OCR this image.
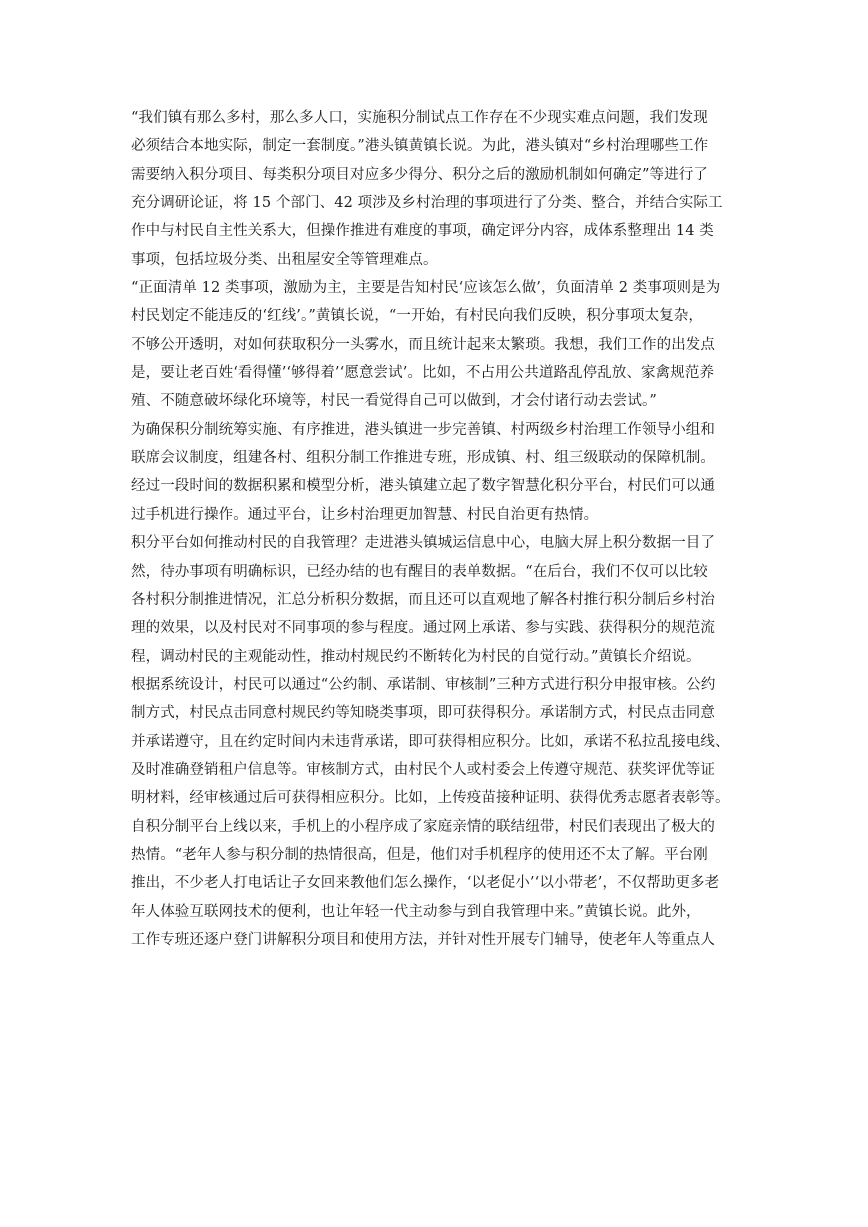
“我们镇有那么多村，那么多人口，实施积分制试点工作存在不少现实难点问题，我们发现
必须结合本地实际，制定一套制度。”港头镇黄镇长说。为此，港头镇对“乡村治理哪些工作
需要纳入积分项目、每类积分项目对应多少得分、积分之后的激励机制如何确定”等进行了
充分调研论证，将 15 个部门、42 项涉及乡村治理的事项进行了分类、整合，并结合实际工
作中与村民自主性关系大，但操作推进有难度的事项，确定评分内容，成体系整理出 14 类
事项，包括垃圾分类、出租屋安全等管理难点。
“正面清单 12 类事项，激励为主，主要是告知村民‘应该怎么做’，负面清单 2 类事项则是为
村民划定不能违反的‘红线’。”黄镇长说，“一开始，有村民向我们反映，积分事项太复杂，
不够公开透明，对如何获取积分一头雾水，而且统计起来太繁琐。我想，我们工作的出发点
是，要让老百姓‘看得懂’‘够得着’‘愿意尝试’。比如，不占用公共道路乱停乱放、家禽规范养
殖、不随意破坏绿化环境等，村民一看觉得自己可以做到，才会付诸行动去尝试。”
为确保积分制统筹实施、有序推进，港头镇进一步完善镇、村两级乡村治理工作领导小组和
联席会议制度，组建各村、组积分制工作推进专班，形成镇、村、组三级联动的保障机制。
经过一段时间的数据积累和模型分析，港头镇建立起了数字智慧化积分平台，村民们可以通
过手机进行操作。通过平台，让乡村治理更加智慧、村民自治更有热情。
积分平台如何推动村民的自我管理？走进港头镇城运信息中心，电脑大屏上积分数据一目了
然，待办事项有明确标识，已经办结的也有醒目的表单数据。“在后台，我们不仅可以比较
各村积分制推进情况，汇总分析积分数据，而且还可以直观地了解各村推行积分制后乡村治
理的效果，以及村民对不同事项的参与程度。通过网上承诺、参与实践、获得积分的规范流
程，调动村民的主观能动性，推动村规民约不断转化为村民的自觉行动。”黄镇长介绍说。
根据系统设计，村民可以通过“公约制、承诺制、审核制”三种方式进行积分申报审核。公约
制方式，村民点击同意村规民约等知晓类事项，即可获得积分。承诺制方式，村民点击同意
并承诺遵守，且在约定时间内未违背承诺，即可获得相应积分。比如，承诺不私拉乱接电线、
及时准确登销租户信息等。审核制方式，由村民个人或村委会上传遵守规范、获奖评优等证
明材料，经审核通过后可获得相应积分。比如，上传疫苗接种证明、获得优秀志愿者表彰等。
自积分制平台上线以来，手机上的小程序成了家庭亲情的联结纽带，村民们表现出了极大的
热情。“老年人参与积分制的热情很高，但是，他们对手机程序的使用还不太了解。平台刚
推出，不少老人打电话让子女回来教他们怎么操作，‘以老促小’‘以小带老’，不仅帮助更多老
年人体验互联网技术的便利，也让年轻一代主动参与到自我管理中来。”黄镇长说。此外，
工作专班还逐户登门讲解积分项目和使用方法，并针对性开展专门辅导，使老年人等重点人
